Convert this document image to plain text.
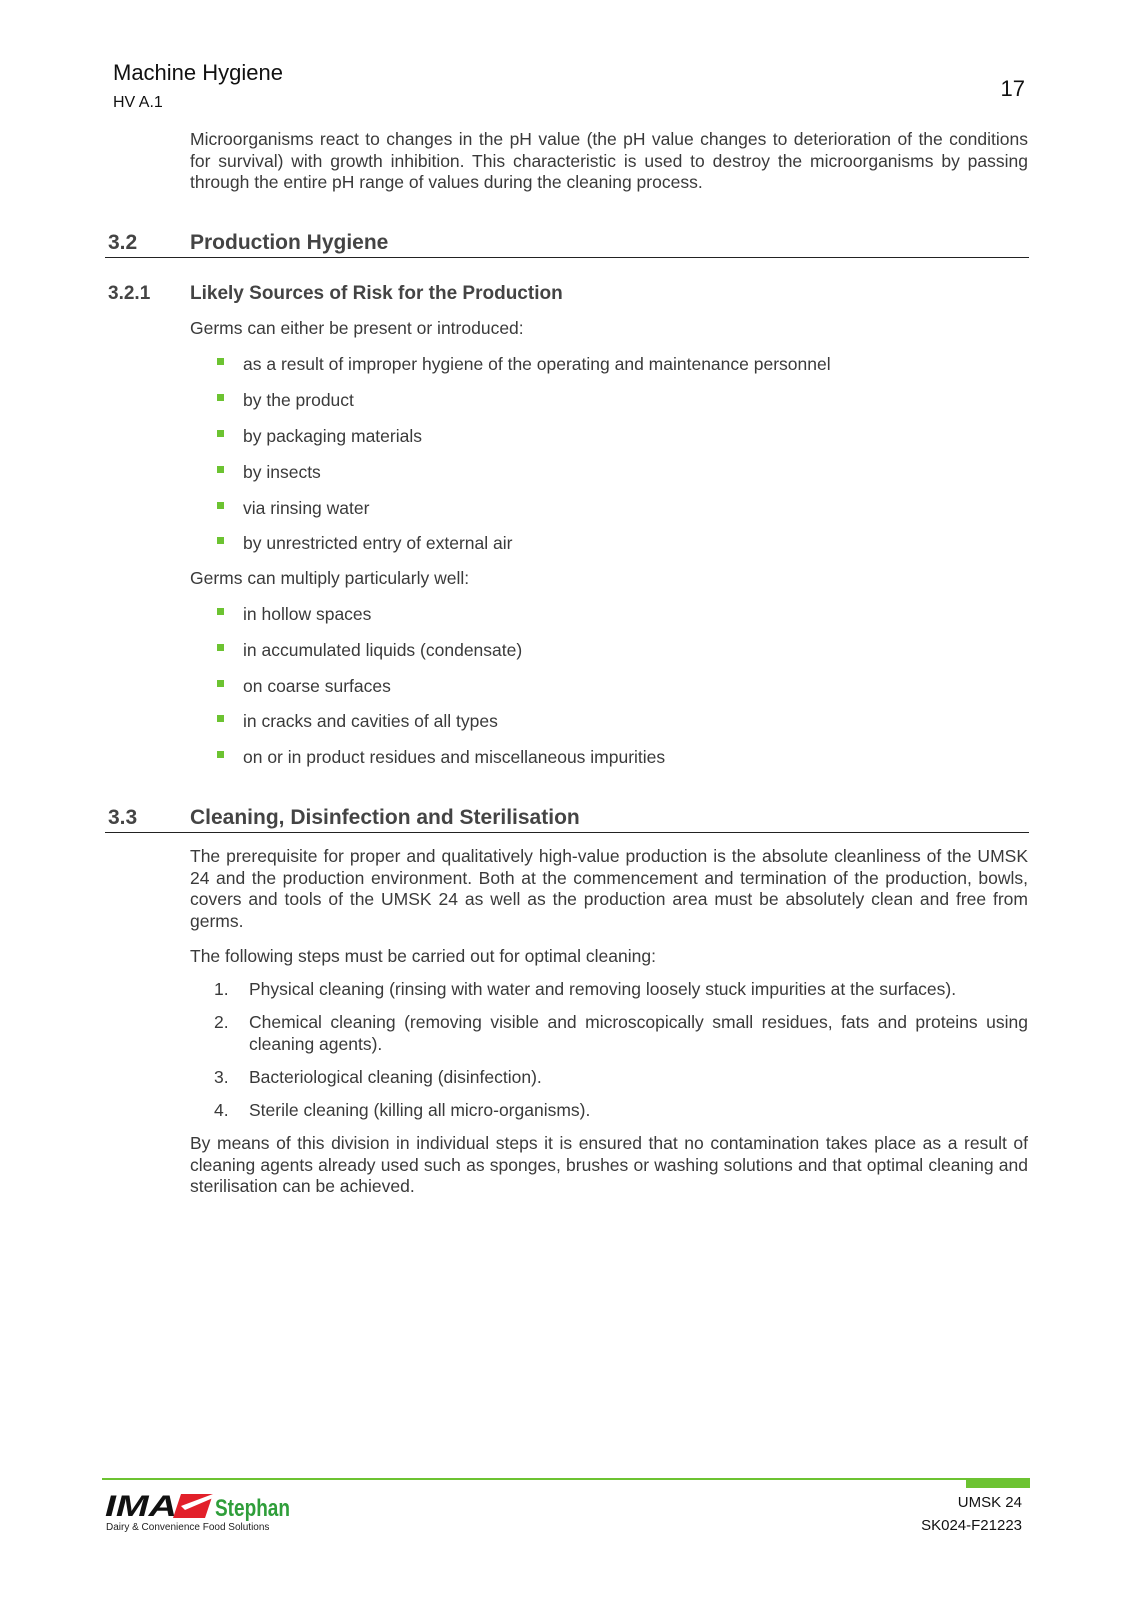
Machine Hygiene
HV A.1
17

Microorganisms react to changes in the pH value (the pH value changes to deterioration of the conditions for survival) with growth inhibition. This characteristic is used to destroy the microorganisms by passing through the entire pH range of values during the cleaning process.

3.2	Production Hygiene
3.2.1 Likely Sources of Risk for the Production
Germs can either be present or introduced:
as a result of improper hygiene of the operating and maintenance personnel
by the product
by packaging materials
by insects
via rinsing water
by unrestricted entry of external air
Germs can multiply particularly well:
in hollow spaces
in accumulated liquids (condensate)
on coarse surfaces
in cracks and cavities of all types
on or in product residues and miscellaneous impurities
3.3	Cleaning, Disinfection and Sterilisation

The prerequisite for proper and qualitatively high-value production is the absolute cleanliness of the UMSK 24 and the production environment. Both at the commencement and termination of the production, bowls, covers and tools of the UMSK 24 as well as the production area must be absolutely clean and free from germs.

The following steps must be carried out for optimal cleaning:
1. Physical cleaning (rinsing with water and removing loosely stuck impurities at the surfaces).
2. Chemical cleaning (removing visible and microscopically small residues, fats and proteins using cleaning agents).
3. Bacteriological cleaning (disinfection).
4. Sterile cleaning (killing all micro-organisms).

By means of this division in individual steps it is ensured that no contamination takes place as a result of cleaning agents already used such as sponges, brushes or washing solutions and that optimal cleaning and sterilisation can be achieved.

IMA Stephan
Dairy & Convenience Food Solutions
UMSK 24
SK024-F21223
